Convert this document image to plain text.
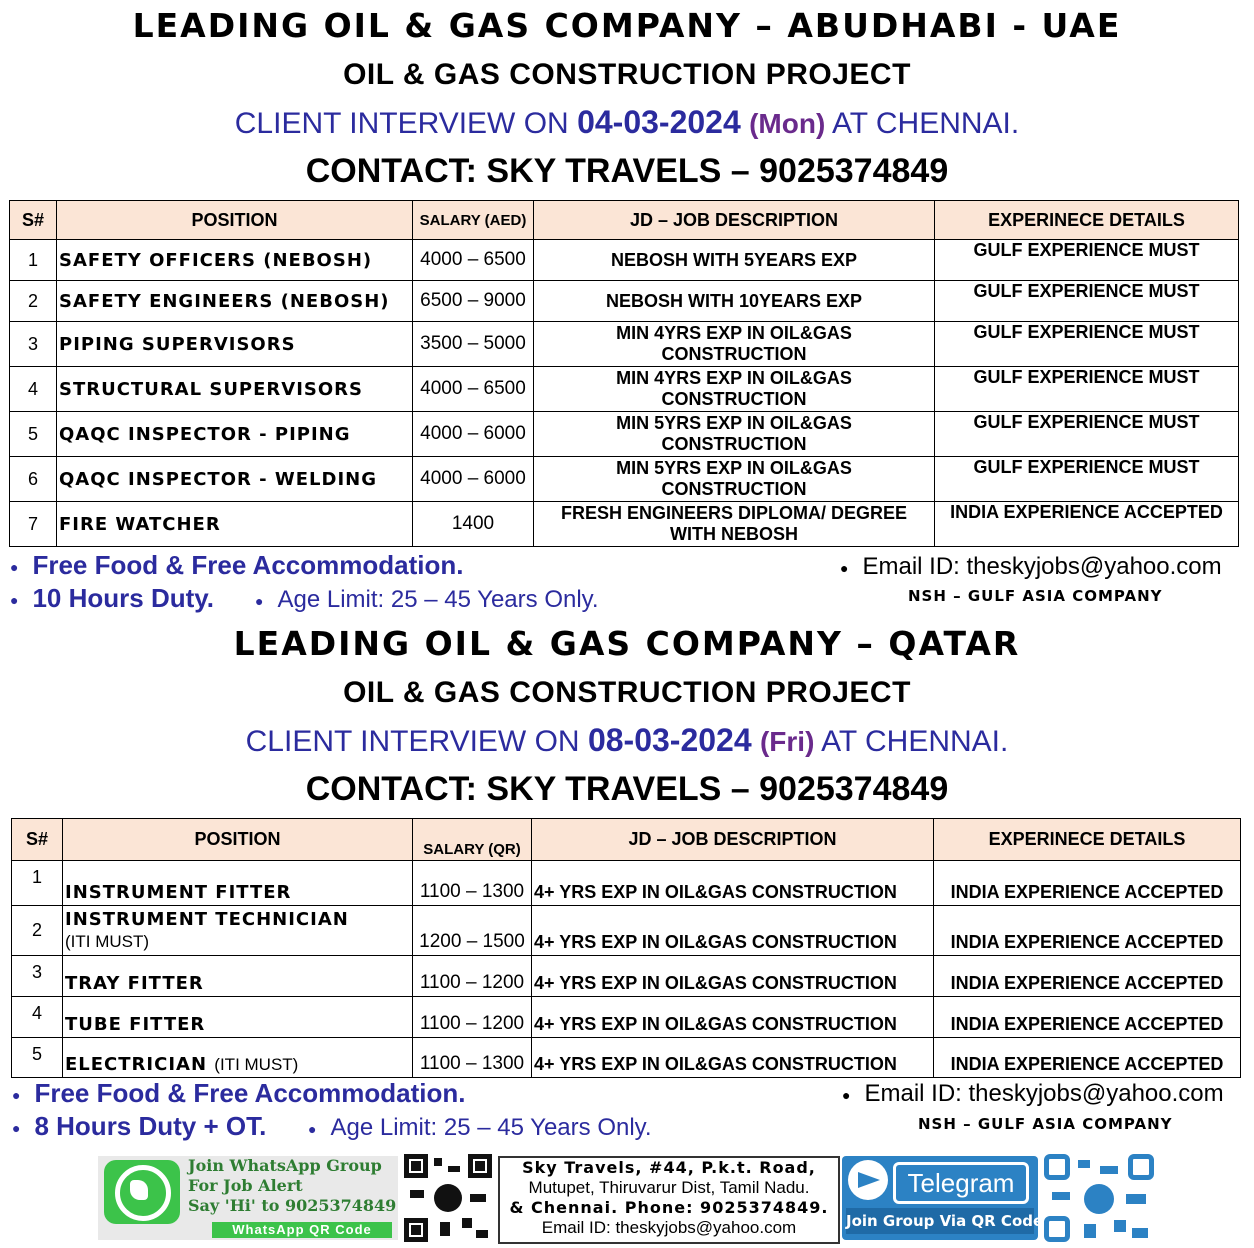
LEADING OIL & GAS COMPANY – ABUDHABI - UAE
OIL & GAS CONSTRUCTION PROJECT
CLIENT INTERVIEW ON 04-03-2024 (Mon) AT CHENNAI.
CONTACT: SKY TRAVELS – 9025374849
S#	POSITION	SALARY (AED)	JD – JOB DESCRIPTION	EXPERINECE DETAILS
1	SAFETY OFFICERS (NEBOSH)	4000 – 6500	NEBOSH WITH 5YEARS EXP	GULF EXPERIENCE MUST
2	SAFETY ENGINEERS (NEBOSH)	6500 – 9000	NEBOSH WITH 10YEARS EXP	GULF EXPERIENCE MUST
3	PIPING SUPERVISORS	3500 – 5000	MIN 4YRS EXP IN OIL&GAS
CONSTRUCTION	GULF EXPERIENCE MUST
4	STRUCTURAL SUPERVISORS	4000 – 6500	MIN 4YRS EXP IN OIL&GAS
CONSTRUCTION	GULF EXPERIENCE MUST
5	QAQC INSPECTOR - PIPING	4000 – 6000	MIN 5YRS EXP IN OIL&GAS
CONSTRUCTION	GULF EXPERIENCE MUST
6	QAQC INSPECTOR - WELDING	4000 – 6000	MIN 5YRS EXP IN OIL&GAS
CONSTRUCTION	GULF EXPERIENCE MUST
7	FIRE WATCHER	1400	FRESH ENGINEERS DIPLOMA/ DEGREE
WITH NEBOSH	INDIA EXPERIENCE ACCEPTED
● Free Food & Free Accommodation.
● 10 Hours Duty.	● Age Limit: 25 – 45 Years Only.
● Email ID: theskyjobs@yahoo.com
NSH – GULF ASIA COMPANY
LEADING OIL & GAS COMPANY – QATAR
OIL & GAS CONSTRUCTION PROJECT
CLIENT INTERVIEW ON 08-03-2024 (Fri) AT CHENNAI.
CONTACT: SKY TRAVELS – 9025374849
S#	POSITION	SALARY (QR)	JD – JOB DESCRIPTION	EXPERINECE DETAILS
1	INSTRUMENT FITTER	1100 – 1300	4+ YRS EXP IN OIL&GAS CONSTRUCTION	INDIA EXPERIENCE ACCEPTED
2	INSTRUMENT TECHNICIAN
(ITI MUST)	1200 – 1500	4+ YRS EXP IN OIL&GAS CONSTRUCTION	INDIA EXPERIENCE ACCEPTED
3	TRAY FITTER	1100 – 1200	4+ YRS EXP IN OIL&GAS CONSTRUCTION	INDIA EXPERIENCE ACCEPTED
4	TUBE FITTER	1100 – 1200	4+ YRS EXP IN OIL&GAS CONSTRUCTION	INDIA EXPERIENCE ACCEPTED
5	ELECTRICIAN (ITI MUST)	1100 – 1300	4+ YRS EXP IN OIL&GAS CONSTRUCTION	INDIA EXPERIENCE ACCEPTED
● Free Food & Free Accommodation.
● 8 Hours Duty + OT.	● Age Limit: 25 – 45 Years Only.
● Email ID: theskyjobs@yahoo.com
NSH – GULF ASIA COMPANY
Join WhatsApp Group
For Job Alert
Say 'Hi' to 9025374849
WhatsApp QR Code
Sky Travels, #44, P.k.t. Road,
Mutupet, Thiruvarur Dist, Tamil Nadu.
& Chennai. Phone: 9025374849.
Email ID: theskyjobs@yahoo.com
Telegram
Join Group Via QR Code
